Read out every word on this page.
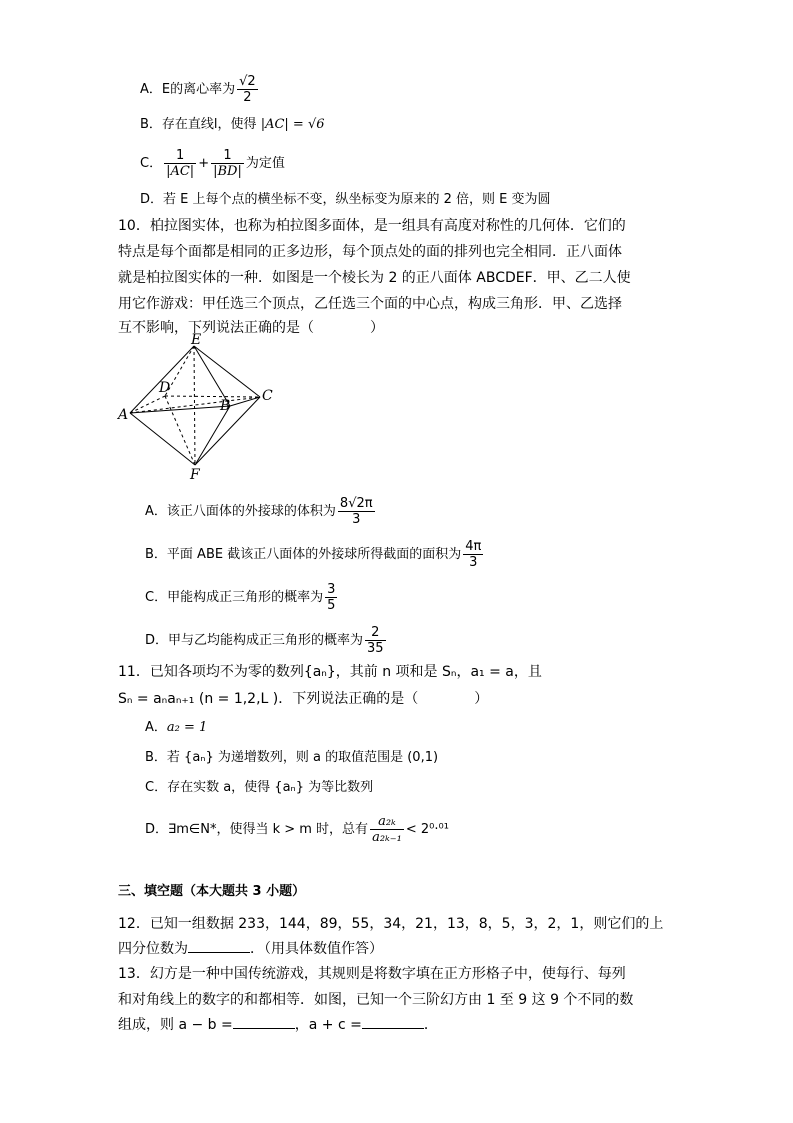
A．E的离心率为 $\frac{√2}{2}$
B．存在直线l，使得 |AC| = √6
C． $\frac{1}{|AC|} + \frac{1}{|BD|}$ 为定值
D．若 E 上每个点的横坐标不变，纵坐标变为原来的 2 倍，则 E 变为圆
10．柏拉图实体，也称为柏拉图多面体，是一组具有高度对称性的几何体．它们的
特点是每个面都是相同的正多边形，每个顶点处的面的排列也完全相同．正八面体
就是柏拉图实体的一种．如图是一个棱长为 2 的正八面体 ABCDEF．甲、乙二人使
用它作游戏：甲任选三个顶点，乙任选三个面的中心点，构成三角形．甲、乙选择
互不影响，下列说法正确的是（　　　　）
E
D
B
C
A
F
A．该正八面体的外接球的体积为 $\frac{8√2\pi}{3}$
B．平面 ABE 截该正八面体的外接球所得截面的面积为 $\frac{4\pi}{3}$
C．甲能构成正三角形的概率为 $\frac{3}{5}$
D．甲与乙均能构成正三角形的概率为 $\frac{2}{35}$
11．已知各项均不为零的数列{aₙ}，其前 n 项和是 Sₙ，a₁ = a，且
Sₙ = aₙaₙ₊₁ (n = 1,2,L )．下列说法正确的是（　　　　）
A．a₂ = 1
B．若 {aₙ} 为递增数列，则 a 的取值范围是 (0,1)
C．存在实数 a，使得 {aₙ} 为等比数列
D．∃m∈N*，使得当 k > m 时，总有 $\frac{\text{a₂ₖ}}{\text{a₂ₖ₋₁}} < 2^0\cdot^{01}$
三、填空题（本大题共 3 小题）
12．已知一组数据 233，144，89，55，34，21，13，8，5，3，2，1，则它们的上
四分位数为	．（用具体数值作答）
13．幻方是一种中国传统游戏，其规则是将数字填在正方形格子中，使每行、每列
和对角线上的数字的和都相等．如图，已知一个三阶幻方由 1 至 9 这 9 个不同的数
组成，则 a − b =	，a + c =	．
